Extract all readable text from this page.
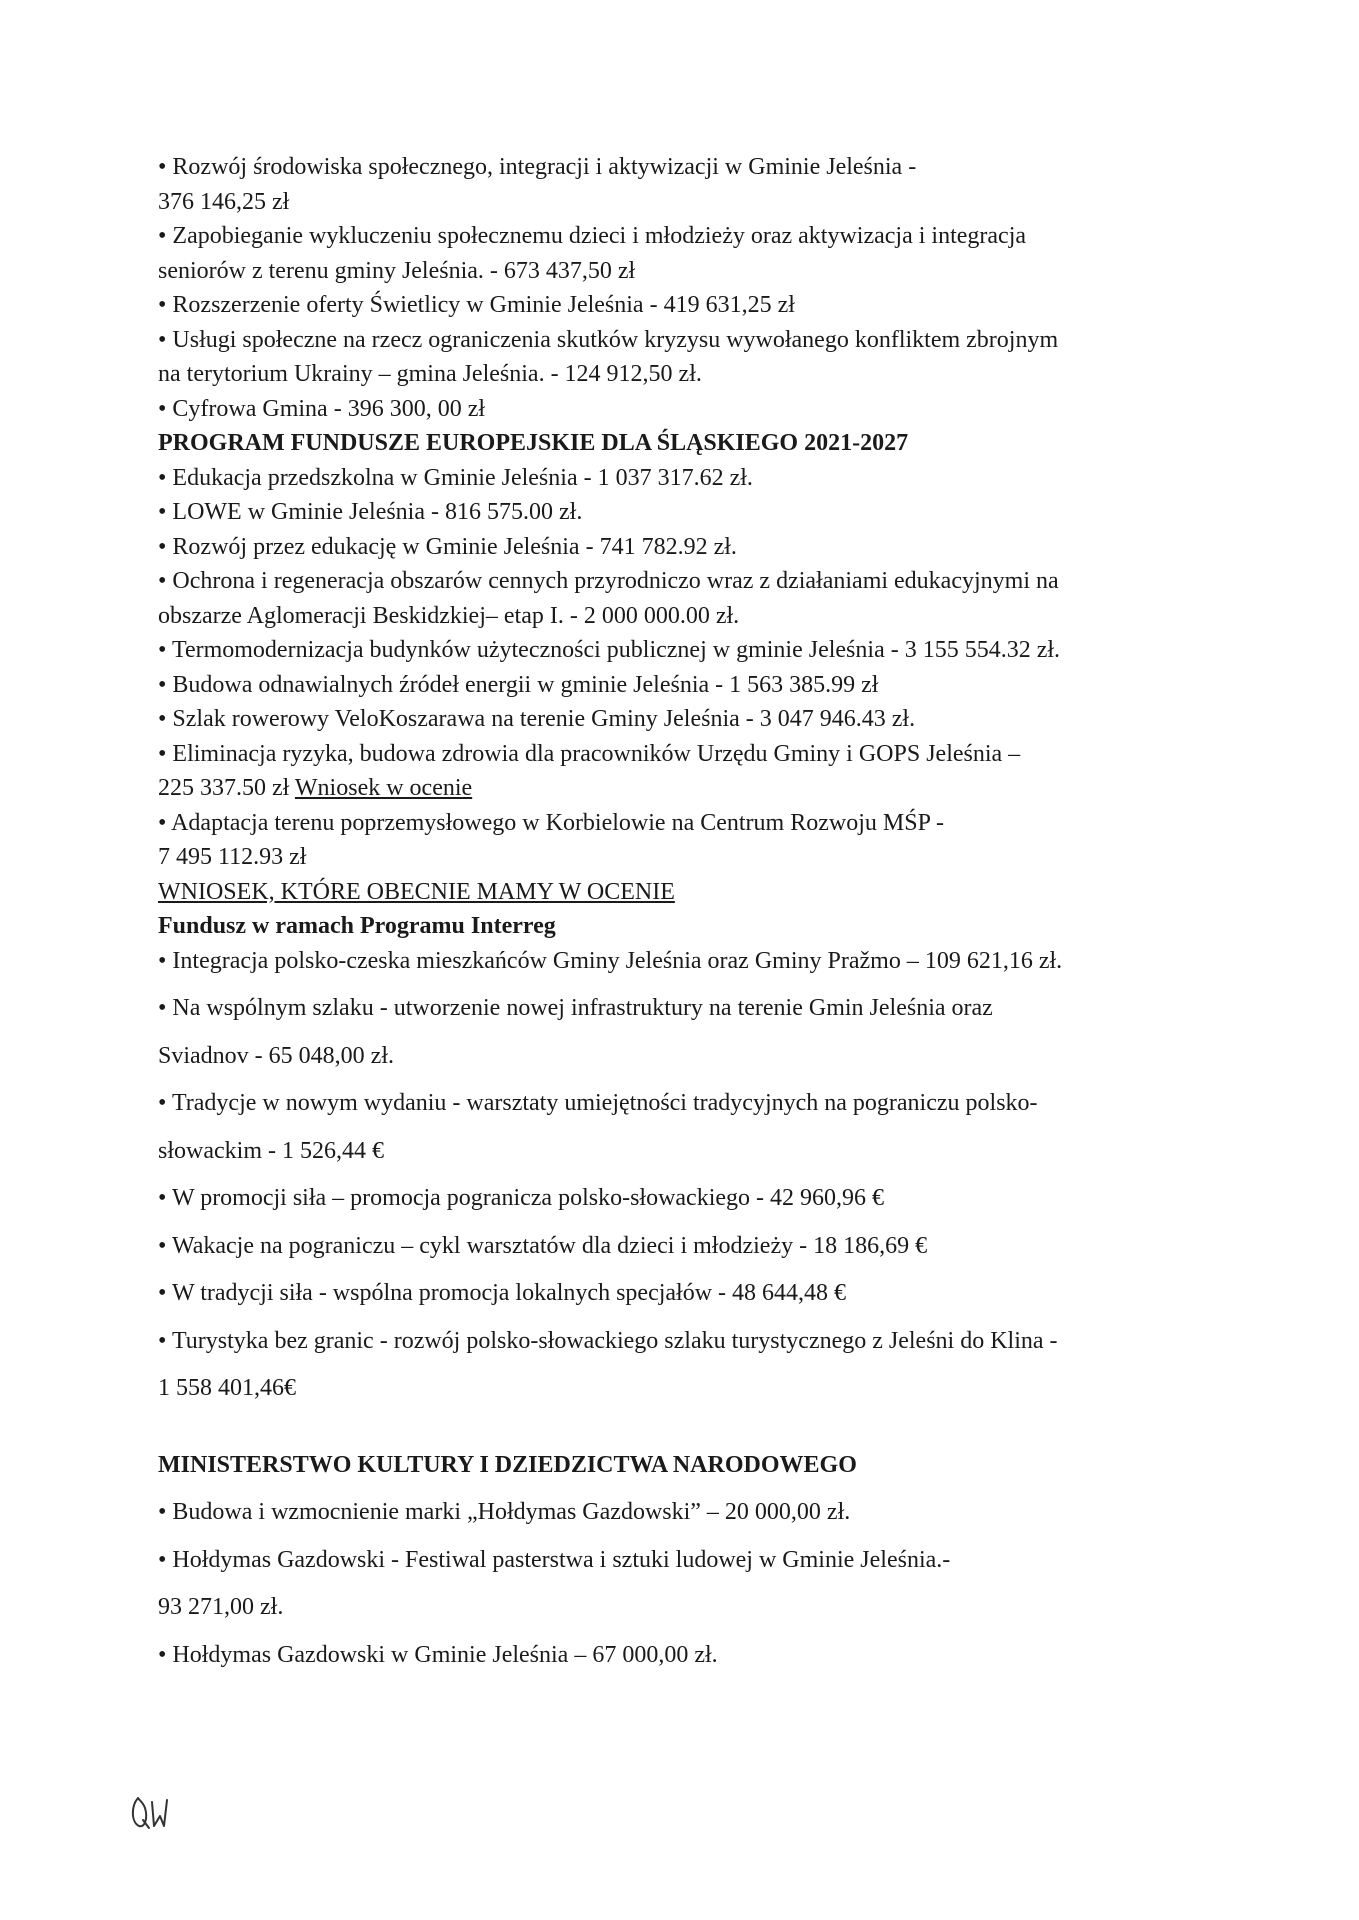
• Rozwój środowiska społecznego, integracji i aktywizacji w Gminie Jeleśnia -
376 146,25 zł
• Zapobieganie wykluczeniu społecznemu dzieci i młodzieży oraz aktywizacja i integracja
seniorów z terenu gminy Jeleśnia. - 673 437,50 zł
• Rozszerzenie oferty Świetlicy w Gminie Jeleśnia - 419 631,25 zł
• Usługi społeczne na rzecz ograniczenia skutków kryzysu wywołanego konfliktem zbrojnym
na terytorium Ukrainy – gmina Jeleśnia. - 124 912,50 zł.
• Cyfrowa Gmina - 396 300, 00 zł
PROGRAM FUNDUSZE EUROPEJSKIE DLA ŚLĄSKIEGO 2021-2027
• Edukacja przedszkolna w Gminie Jeleśnia - 1 037 317.62 zł.
• LOWE w Gminie Jeleśnia - 816 575.00 zł.
• Rozwój przez edukację w Gminie Jeleśnia - 741 782.92 zł.
• Ochrona i regeneracja obszarów cennych przyrodniczo wraz z działaniami edukacyjnymi na
obszarze Aglomeracji Beskidzkiej– etap I. - 2 000 000.00 zł.
• Termomodernizacja budynków użyteczności publicznej w gminie Jeleśnia - 3 155 554.32 zł.
• Budowa odnawialnych źródeł energii w gminie Jeleśnia - 1 563 385.99 zł
• Szlak rowerowy VeloKoszarawa na terenie Gminy Jeleśnia - 3 047 946.43 zł.
• Eliminacja ryzyka, budowa zdrowia dla pracowników Urzędu Gminy i GOPS Jeleśnia –
225 337.50 zł Wniosek w ocenie
• Adaptacja terenu poprzemysłowego w Korbielowie na Centrum Rozwoju MŚP -
7 495 112.93 zł
WNIOSEK, KTÓRE OBECNIE MAMY W OCENIE
Fundusz w ramach Programu Interreg
• Integracja polsko-czeska mieszkańców Gminy Jeleśnia oraz Gminy Pražmo – 109 621,16 zł.
• Na wspólnym szlaku - utworzenie nowej infrastruktury na terenie Gmin Jeleśnia oraz
Sviadnov - 65 048,00 zł.
• Tradycje w nowym wydaniu - warsztaty umiejętności tradycyjnych na pograniczu polsko-
słowackim - 1 526,44 €
• W promocji siła – promocja pogranicza polsko-słowackiego - 42 960,96 €
• Wakacje na pograniczu – cykl warsztatów dla dzieci i młodzieży - 18 186,69 €
• W tradycji siła - wspólna promocja lokalnych specjałów - 48 644,48 €
• Turystyka bez granic - rozwój polsko-słowackiego szlaku turystycznego z Jeleśni do Klina -
1 558 401,46€
MINISTERSTWO KULTURY I DZIEDZICTWA NARODOWEGO
• Budowa i wzmocnienie marki „Hołdymas Gazdowski” – 20 000,00 zł.
• Hołdymas Gazdowski - Festiwal pasterstwa i sztuki ludowej w Gminie Jeleśnia.-
93 271,00 zł.
• Hołdymas Gazdowski w Gminie Jeleśnia – 67 000,00 zł.
